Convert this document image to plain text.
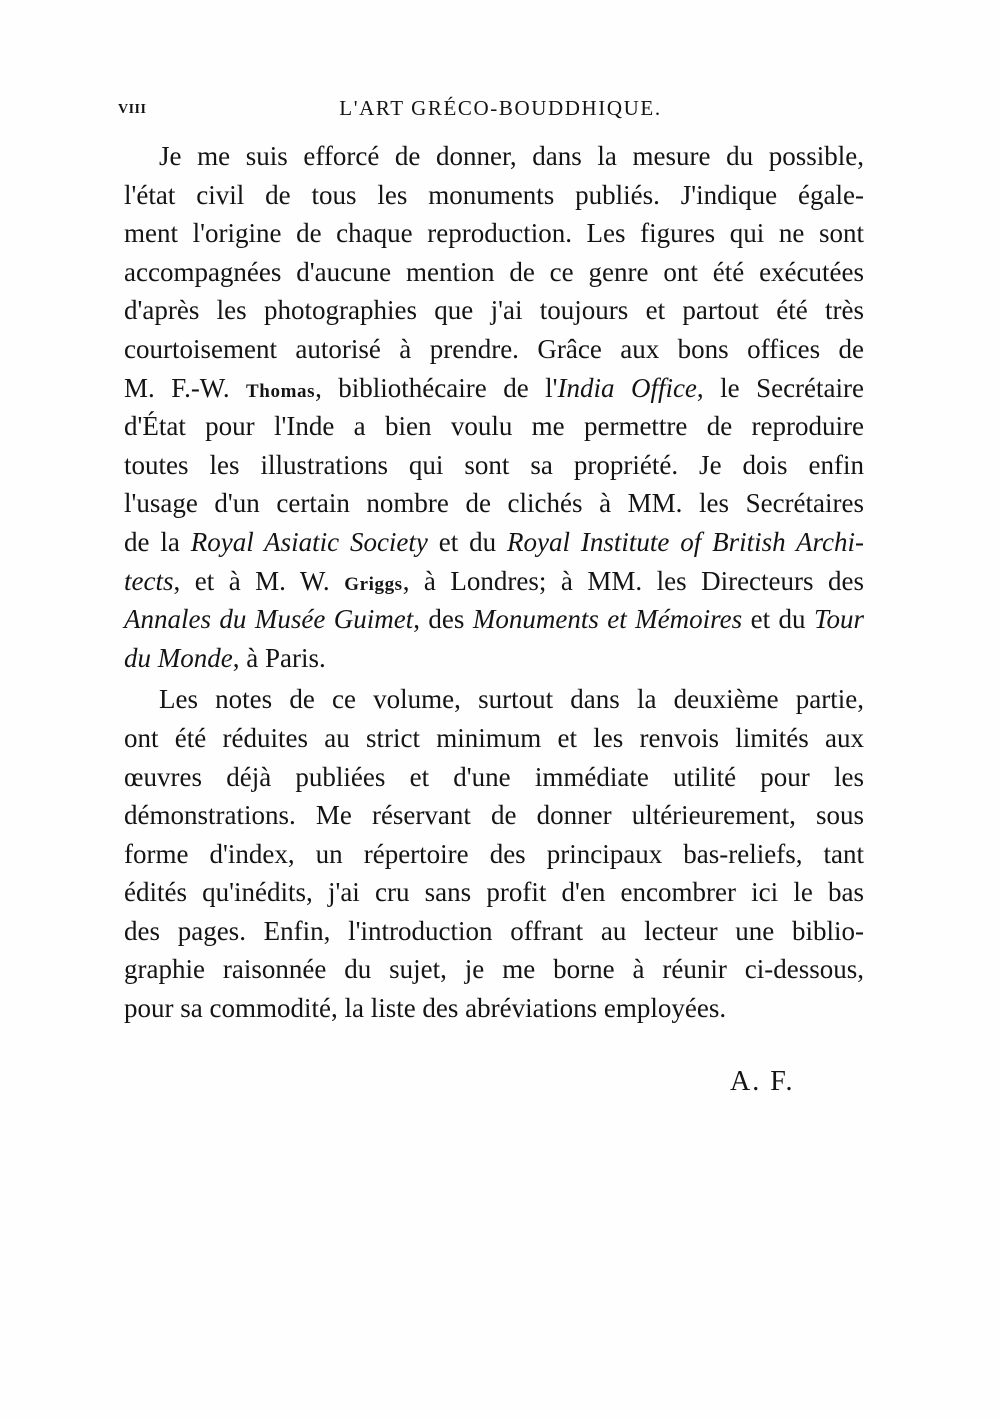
VIII	L'ART GRÉCO-BOUDDHIQUE.
Je me suis efforcé de donner, dans la mesure du possible,
l'état civil de tous les monuments publiés. J'indique égale-
ment l'origine de chaque reproduction. Les figures qui ne sont
accompagnées d'aucune mention de ce genre ont été exécutées
d'après les photographies que j'ai toujours et partout été très
courtoisement autorisé à prendre. Grâce aux bons offices de
M. F.-W. Thomas, bibliothécaire de l'India Office, le Secrétaire
d'État pour l'Inde a bien voulu me permettre de reproduire
toutes les illustrations qui sont sa propriété. Je dois enfin
l'usage d'un certain nombre de clichés à MM. les Secrétaires
de la Royal Asiatic Society et du Royal Institute of British Archi-
tects, et à M. W. Griggs, à Londres; à MM. les Directeurs des
Annales du Musée Guimet, des Monuments et Mémoires et du Tour
du Monde, à Paris.
Les notes de ce volume, surtout dans la deuxième partie,
ont été réduites au strict minimum et les renvois limités aux
œuvres déjà publiées et d'une immédiate utilité pour les
démonstrations. Me réservant de donner ultérieurement, sous
forme d'index, un répertoire des principaux bas-reliefs, tant
édités qu'inédits, j'ai cru sans profit d'en encombrer ici le bas
des pages. Enfin, l'introduction offrant au lecteur une biblio-
graphie raisonnée du sujet, je me borne à réunir ci-dessous,
pour sa commodité, la liste des abréviations employées.
A. F.
